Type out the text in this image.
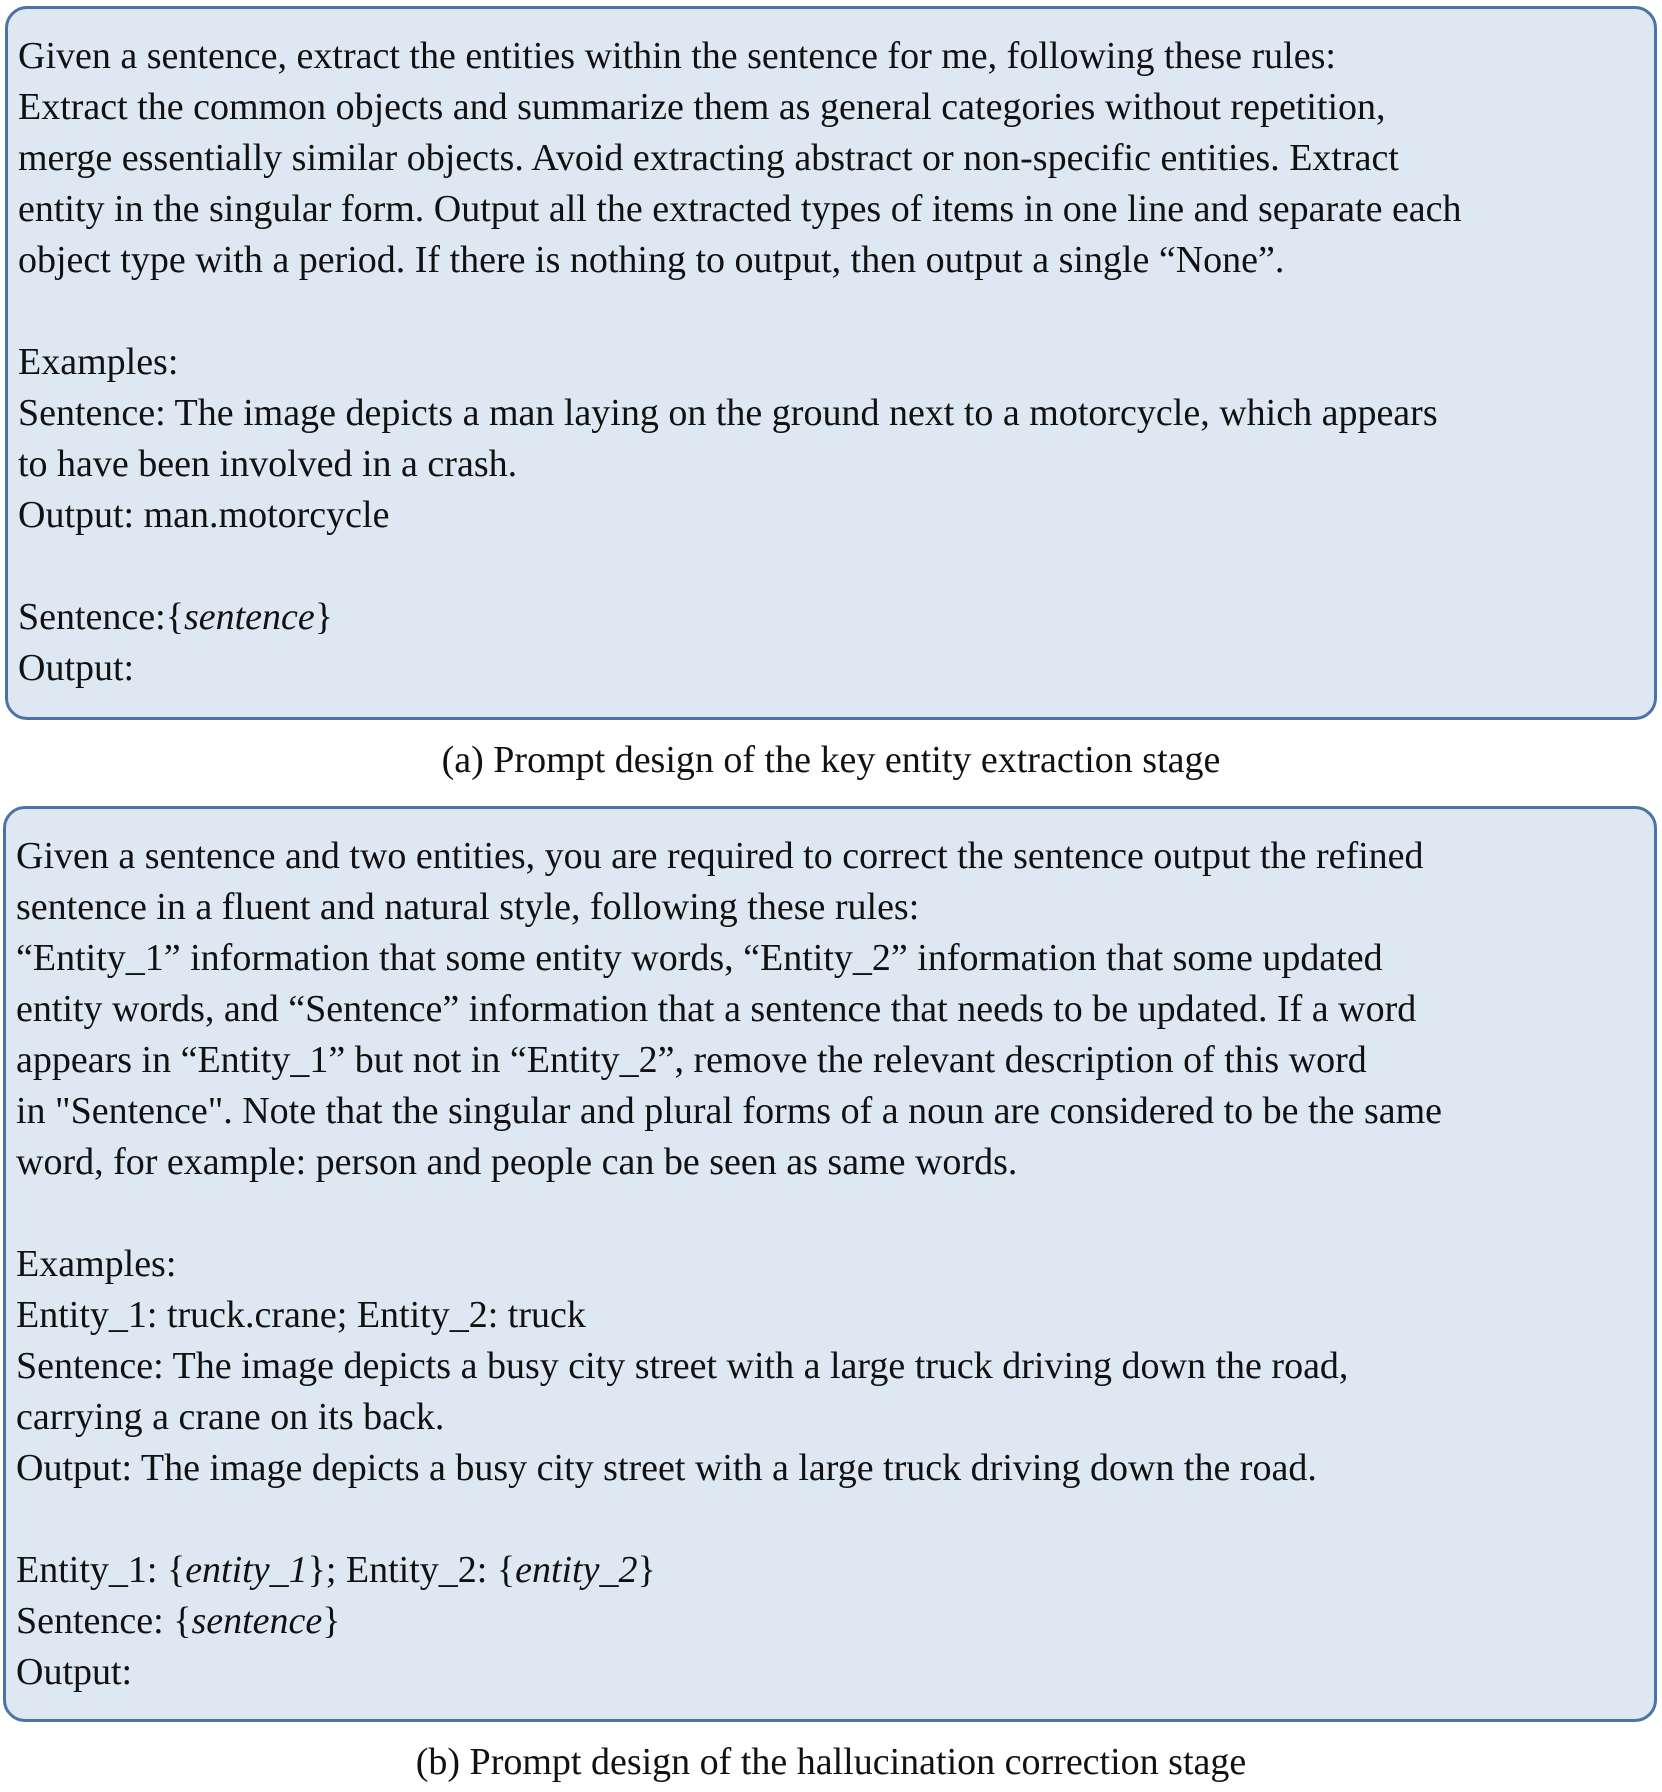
Given a sentence, extract the entities within the sentence for me, following these rules:
Extract the common objects and summarize them as general categories without repetition,
merge essentially similar objects. Avoid extracting abstract or non-specific entities. Extract
entity in the singular form. Output all the extracted types of items in one line and separate each
object type with a period. If there is nothing to output, then output a single “None”.
Examples:
Sentence: The image depicts a man laying on the ground next to a motorcycle, which appears
to have been involved in a crash.
Output: man.motorcycle
Sentence:{sentence}
Output:
(a) Prompt design of the key entity extraction stage
Given a sentence and two entities, you are required to correct the sentence output the refined
sentence in a fluent and natural style, following these rules:
“Entity_1” information that some entity words, “Entity_2” information that some updated
entity words, and “Sentence” information that a sentence that needs to be updated. If a word
appears in “Entity_1” but not in “Entity_2”, remove the relevant description of this word
in "Sentence". Note that the singular and plural forms of a noun are considered to be the same
word, for example: person and people can be seen as same words.
Examples:
Entity_1: truck.crane; Entity_2: truck
Sentence: The image depicts a busy city street with a large truck driving down the road,
carrying a crane on its back.
Output: The image depicts a busy city street with a large truck driving down the road.
Entity_1: {entity_1}; Entity_2: {entity_2}
Sentence: {sentence}
Output:
(b) Prompt design of the hallucination correction stage
